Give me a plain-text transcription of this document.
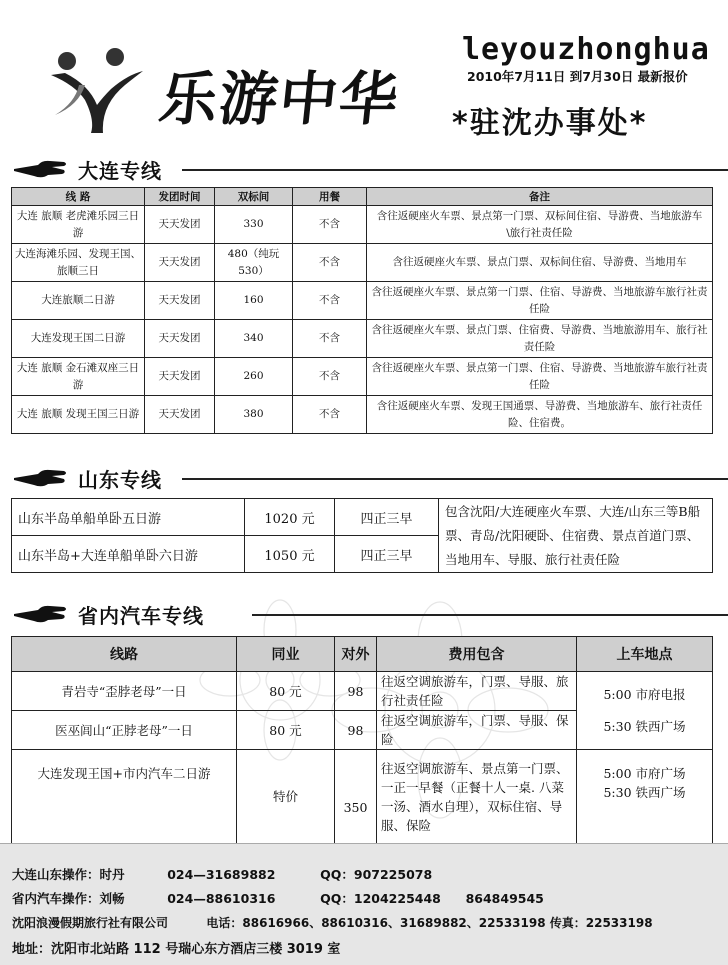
乐游中华
leyouzhonghua
2010年7月11日 到7月30日 最新报价
*驻沈办事处*
大连专线
线 路	发团时间	双标间	用餐	备注
大连 旅顺 老虎滩乐园三日游	天天发团	330	不含	含往返硬座火车票、景点第一门票、双标间住宿、导游费、当地旅游车\旅行社责任险
大连海滩乐园、发现王国、旅顺三日	天天发团	480（纯玩 530）	不含	含往返硬座火车票、景点门票、双标间住宿、导游费、当地用车
大连旅顺二日游	天天发团	160	不含	含往返硬座火车票、景点第一门票、住宿、导游费、当地旅游车旅行社责任险
大连发现王国二日游	天天发团	340	不含	含往返硬座火车票、景点门票、住宿费、导游费、当地旅游用车、旅行社责任险
大连 旅顺 金石滩双座三日游	天天发团	260	不含	含往返硬座火车票、景点第一门票、住宿、导游费、当地旅游车旅行社责任险
大连 旅顺 发现王国三日游	天天发团	380	不含	含往返硬座火车票、发现王国通票、导游费、当地旅游车、旅行社责任险、住宿费。
山东专线
山东半岛单船单卧五日游	1020 元	四正三早	包含沈阳/大连硬座火车票、大连/山东三等B船票、青岛/沈阳硬卧、住宿费、景点首道门票、当地用车、导服、旅行社责任险
山东半岛+大连单船单卧六日游	1050 元	四正三早	
省内汽车专线
线路	同业	对外	费用包含	上车地点
青岩寺“歪脖老母”一日	80 元	98	往返空调旅游车，门票、导服、旅行社责任险	5:00 市府电报
5:30 铁西广场

医巫闾山“正脖老母”一日	80 元	98	往返空调旅游车，门票、导服、保险	
大连发现王国+市内汽车二日游	特价	350	往返空调旅游车、景点第一门票、一正一早餐（正餐十人一桌. 八菜一汤、酒水自理），双标住宿、导服、保险	5:00 市府广场
5:30 铁西广场
大连山东操作：时丹	024—31689882	QQ：907225078
省内汽车操作：刘畅	024—88610316	QQ：1204225448 864849545
沈阳浪漫假期旅行社有限公司	电话：88616966、88610316、31689882、22533198 传真：22533198
地址：沈阳市北站路 112 号瑞心东方酒店三楼 3019 室
